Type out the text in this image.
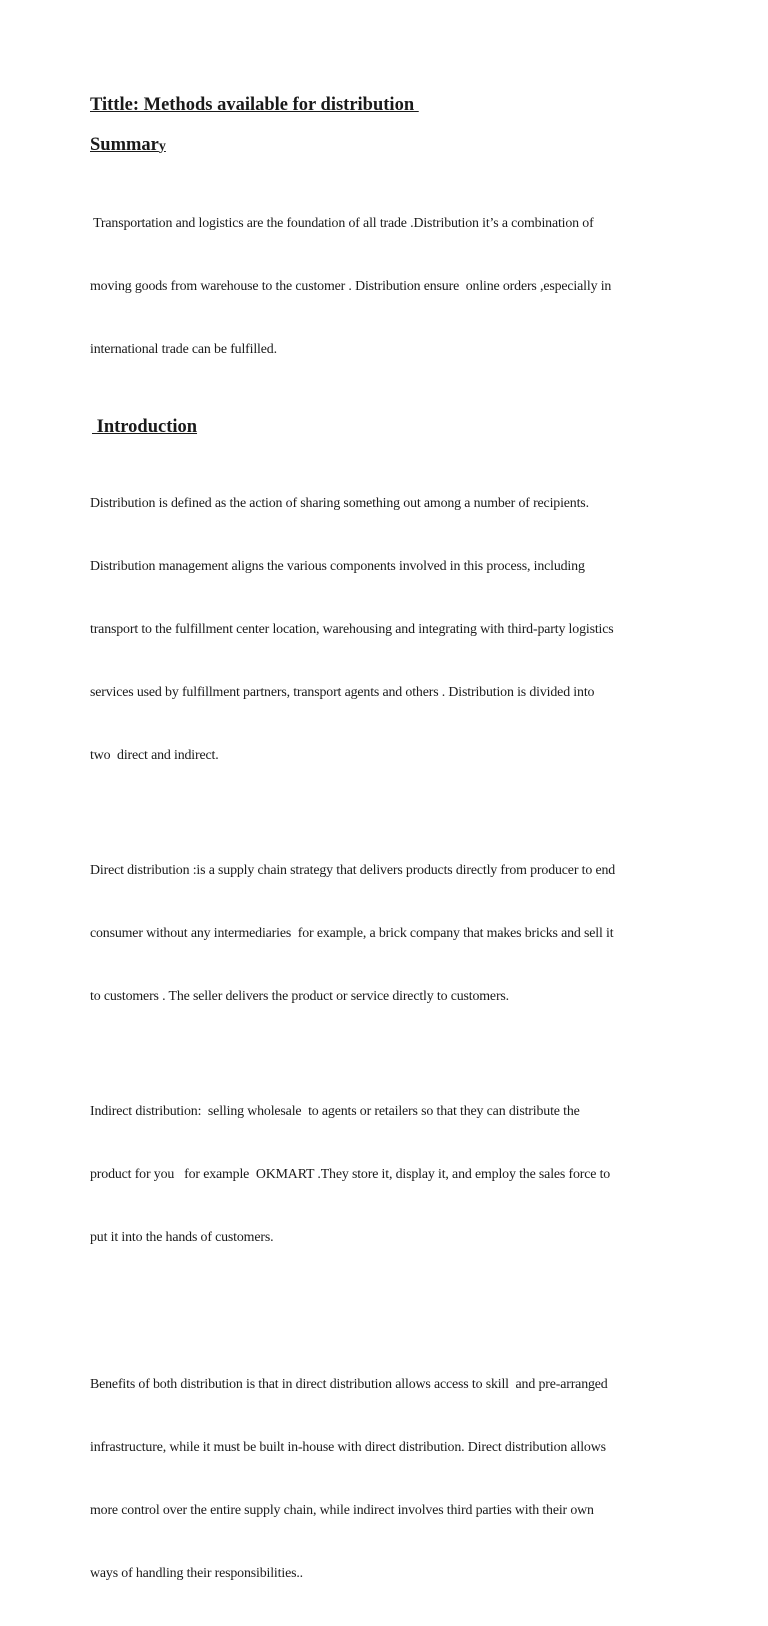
Tittle: Methods available for distribution
Summary

Transportation and logistics are the foundation of all trade .Distribution it’s a combination of

moving goods from warehouse to the customer . Distribution ensure  online orders ,especially in

international trade can be fulfilled.

Introduction

Distribution is defined as the action of sharing something out among a number of recipients.

Distribution management aligns the various components involved in this process, including

transport to the fulfillment center location, warehousing and integrating with third-party logistics

services used by fulfillment partners, transport agents and others . Distribution is divided into

two  direct and indirect.

Direct distribution :is a supply chain strategy that delivers products directly from producer to end

consumer without any intermediaries  for example, a brick company that makes bricks and sell it

to customers . The seller delivers the product or service directly to customers.

Indirect distribution:  selling wholesale  to agents or retailers so that they can distribute the

product for you   for example  OKMART .They store it, display it, and employ the sales force to

put it into the hands of customers.

Benefits of both distribution is that in direct distribution allows access to skill  and pre-arranged

infrastructure, while it must be built in-house with direct distribution. Direct distribution allows

more control over the entire supply chain, while indirect involves third parties with their own

ways of handling their responsibilities..
